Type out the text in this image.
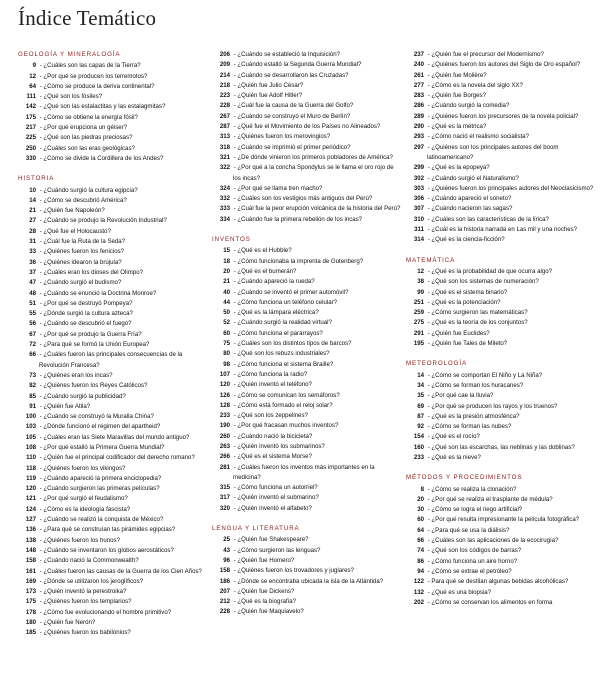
Índice Temático
GEOLOGÍA Y MINERALOGÍA
9 - ¿Cuáles son las capas de la Tierra?
12 - ¿Por qué se producen los terremotos?
64 - ¿Cómo se produce la deriva continental?
111 - ¿Qué son los fósiles?
142 - ¿Qué son las estalactitas y las estalagmitas?
175 - ¿Cómo se obtiene la energía fósil?
217 - ¿Por qué erupciona un géiser?
225 - ¿Qué son las piedras preciosas?
250 - ¿Cuáles son las eras geológicas?
330 - ¿Cómo se divide la Cordillera de los Andes?
HISTORIA
10 - ¿Cuándo surgió la cultura egipcia?
14 - ¿Cómo se descubrió América?
21 - ¿Quién fue Napoleón?
27 - ¿Cuándo se produjo la Revolución Industrial?
28 - ¿Qué fue el Holocausto?
31 - ¿Cuál fue la Ruta de la Seda?
33 - ¿Quiénes fueron los fenicios?
36 - ¿Quiénes idearon la brújula?
37 - ¿Cuáles eran los dioses del Olimpo?
47 - ¿Cuándo surgió el budismo?
48 - ¿Cuándo se enunció la Doctrina Monroe?
51 - ¿Por qué se destruyó Pompeya?
55 - ¿Dónde surgió la cultura azteca?
56 - ¿Cuándo se descubrió el fuego?
67 - ¿Por qué se produjo la Guerra Fría?
72 - ¿Para qué se formó la Unión Europea?
66 - ¿Cuáles fueron las principales consecuencias de la Revolución Francesa?
73 - ¿Quiénes eran los incas?
82 - ¿Quiénes fueron los Reyes Católicos?
85 - ¿Cuándo surgió la publicidad?
91 - ¿Quién fue Atila?
100 - ¿Cuándo se construyó la Muralla China?
103 - ¿Dónde funcionó el régimen del apartheid?
105 - ¿Cuáles eran las Siete Maravillas del mundo antiguo?
108 - ¿Por qué estalló la Primera Guerra Mundial?
110 - ¿Quién fue el principal codificador del derecho romano?
118 - ¿Quiénes fueron los vikingos?
119 - ¿Cuándo apareció la primera enciclopedia?
120 - ¿Cuándo surgieron las primeras películas?
121 - ¿Por qué surgió el feudalismo?
124 - ¿Cómo es la ideología fascista?
127 - ¿Cuándo se realizó la conquista de México?
136 - ¿Para qué se construían las pirámides egipcias?
138 - ¿Quiénes fueron los hunos?
148 - ¿Cuándo se inventaron los globos aerostáticos?
158 - ¿Cuándo nació la Commonwealth?
161 - ¿Cuáles fueron las causas de la Guerra de los Cien Años?
169 - ¿Dónde se utilizaron los jeroglíficos?
173 - ¿Quién inventó la perestroika?
175 - ¿Quiénes fueron los templarios?
178 - ¿Cómo fue evolucionando el hombre primitivo?
180 - ¿Quién fue Nerón?
185 - ¿Quiénes fueron los babilonios?
206 - ¿Cuándo se estableció la Inquisición?
209 - ¿Cuándo estalló la Segunda Guerra Mundial?
214 - ¿Cuándo se desarrollaron las Cruzadas?
218 - ¿Quién fue Julio César?
223 - ¿Quién fue Adolf Hitler?
228 - ¿Cuál fue la causa de la Guerra del Golfo?
267 - ¿Cuándo se construyó el Muro de Berlín?
287 - ¿Qué fue el Movimiento de los Países no Alineados?
313 - ¿Quiénes fueron los merovingios?
318 - ¿Cuándo se imprimió el primer periódico?
321 - ¿De dónde vinieron los primeros pobladores de América?
322 - ¿Por qué a la concha Spondylus se le llama el oro rojo de los incas?
324 - ¿Por qué se llama tren macho?
332 - ¿Cuáles son los vestigios más antiguos del Perú?
333 - ¿Cuál fue la peor erupción volcánica de la historia del Perú?
334 - ¿Cuándo fue la primera rebelión de los incas?
INVENTOS
15 - ¿Qué es el Hubble?
18 - ¿Cómo funcionaba la imprenta de Gutenberg?
20 - ¿Qué es el bumerán?
21 - ¿Cuándo apareció la rueda?
40 - ¿Cuándo se inventó el primer automóvil?
44 - ¿Cómo funciona un teléfono celular?
50 - ¿Qué es la lámpara eléctrica?
52 - ¿Cuándo surgió la realidad virtual?
60 - ¿Cómo funciona el pararrayos?
75 - ¿Cuáles son los distintos tipos de barcos?
80 - ¿Qué son los rebuzs industriales?
98 - ¿Cómo funciona el sistema Braille?
107 - ¿Cómo funciona la radio?
120 - ¿Quién inventó el teléfono?
126 - ¿Cómo se comunican los semáforos?
128 - ¿Cómo está formado el reloj solar?
233 - ¿Qué son los zeppelines?
190 - ¿Por qué fracasan muchos inventos?
260 - ¿Cuándo nació la bicicleta?
263 - ¿Quién inventó los submarinos?
266 - ¿Qué es el sistema Morse?
281 - ¿Cuáles fueron los inventos más importantes en la medicina?
315 - ¿Cómo funciona un autorriel?
317 - ¿Quién inventó el submarino?
320 - ¿Quién inventó el alfabeto?
LENGUA Y LITERATURA
25 - ¿Quién fue Shakespeare?
43 - ¿Cómo surgieron las lenguas?
96 - ¿Quién fue Homero?
158 - ¿Quiénes fueron los trovadores y juglares?
186 - ¿Dónde se encontraba ubicada la isla de la Atlántida?
207 - ¿Quién fue Dickens?
212 - ¿Qué es la biografía?
228 - ¿Quién fue Maquiavelo?
237 - ¿Quién fue el precursor del Modernismo?
240 - ¿Quiénes fueron los autores del Siglo de Oro español?
261 - ¿Quién fue Molière?
277 - ¿Cómo es la novela del siglo XX?
283 - ¿Quién fue Borges?
286 - ¿Cuándo surgió la comedia?
289 - ¿Quiénes fueron los precursores de la novela policial?
290 - ¿Qué es la métrica?
293 - ¿Cómo nació el realismo socialista?
297 - ¿Quiénes son los principales autores del boom latinoamericano?
299 - ¿Qué es la epopeya?
302 - ¿Cuándo surgió el Naturalismo?
303 - ¿Quiénes fueron los principales autores del Neoclasicismo?
306 - ¿Cuándo apareció el soneto?
307 - ¿Cuándo nacieron las sagas?
310 - ¿Cuáles son las características de la lírica?
311 - ¿Cuál es la historia narrada en Las mil y una noches?
314 - ¿Qué es la ciencia-ficción?
MATEMÁTICA
12 - ¿Qué es la probabilidad de que ocurra algo?
38 - ¿Qué son los sistemas de numeración?
99 - ¿Qué es el sistema binario?
251 - ¿Qué es la potenciación?
259 - ¿Cómo surgieron las matemáticas?
275 - ¿Qué es la teoría de los conjuntos?
291 - ¿Quién fue Euclides?
195 - ¿Quién fue Tales de Mileto?
METEOROLOGÍA
14 - ¿Cómo se comportan El Niño y La Niña?
34 - ¿Cómo se forman los huracanes?
35 - ¿Por qué cae la lluvia?
69 - ¿Por qué se producen los rayos y los truenos?
87 - ¿Qué es la presión atmosférica?
92 - ¿Cómo se forman las nubes?
154 - ¿Qué es el rocío?
160 - ¿Qué son las escarchas, las neblinas y las doblinas?
233 - ¿Qué es la nieve?
MÉTODOS Y PROCEDIMIENTOS
8 - ¿Cómo se realiza la clonación?
20 - ¿Por qué se realiza el trasplante de médula?
30 - ¿Cómo se logra el riego artificial?
60 - ¿Por qué resulta impresionante la película fotográfica?
64 - ¿Para qué se usa la diálisis?
66 - ¿Cuáles son las aplicaciones de la ecocirugía?
74 - ¿Qué son los códigos de barras?
86 - ¿Cómo funciona un aire horno?
94 - ¿Cómo se extrae el petróleo?
122 - Para qué se destilan algunas bebidas alcohólicas?
132 - ¿Qué es una biopsia?
202 - ¿Cómo se conservan los alimentos en forma
